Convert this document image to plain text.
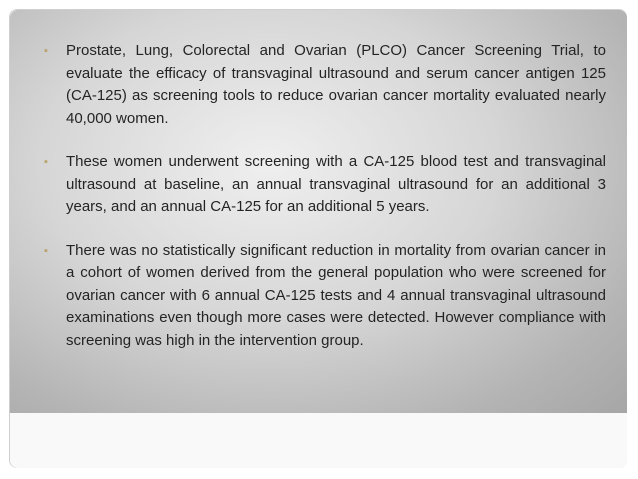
▪ Prostate, Lung, Colorectal and Ovarian (PLCO) Cancer Screening Trial, to evaluate the efficacy of transvaginal ultrasound and serum cancer antigen 125 (CA-125) as screening tools to reduce ovarian cancer mortality evaluated nearly 40,000 women.
▪ These women underwent screening with a CA-125 blood test and transvaginal ultrasound at baseline, an annual transvaginal ultrasound for an additional 3 years, and an annual CA-125 for an additional 5 years.
▪ There was no statistically significant reduction in mortality from ovarian cancer in a cohort of women derived from the general population who were screened for ovarian cancer with 6 annual CA-125 tests and 4 annual transvaginal ultrasound examinations even though more cases were detected. However compliance with screening was high in the intervention group.
